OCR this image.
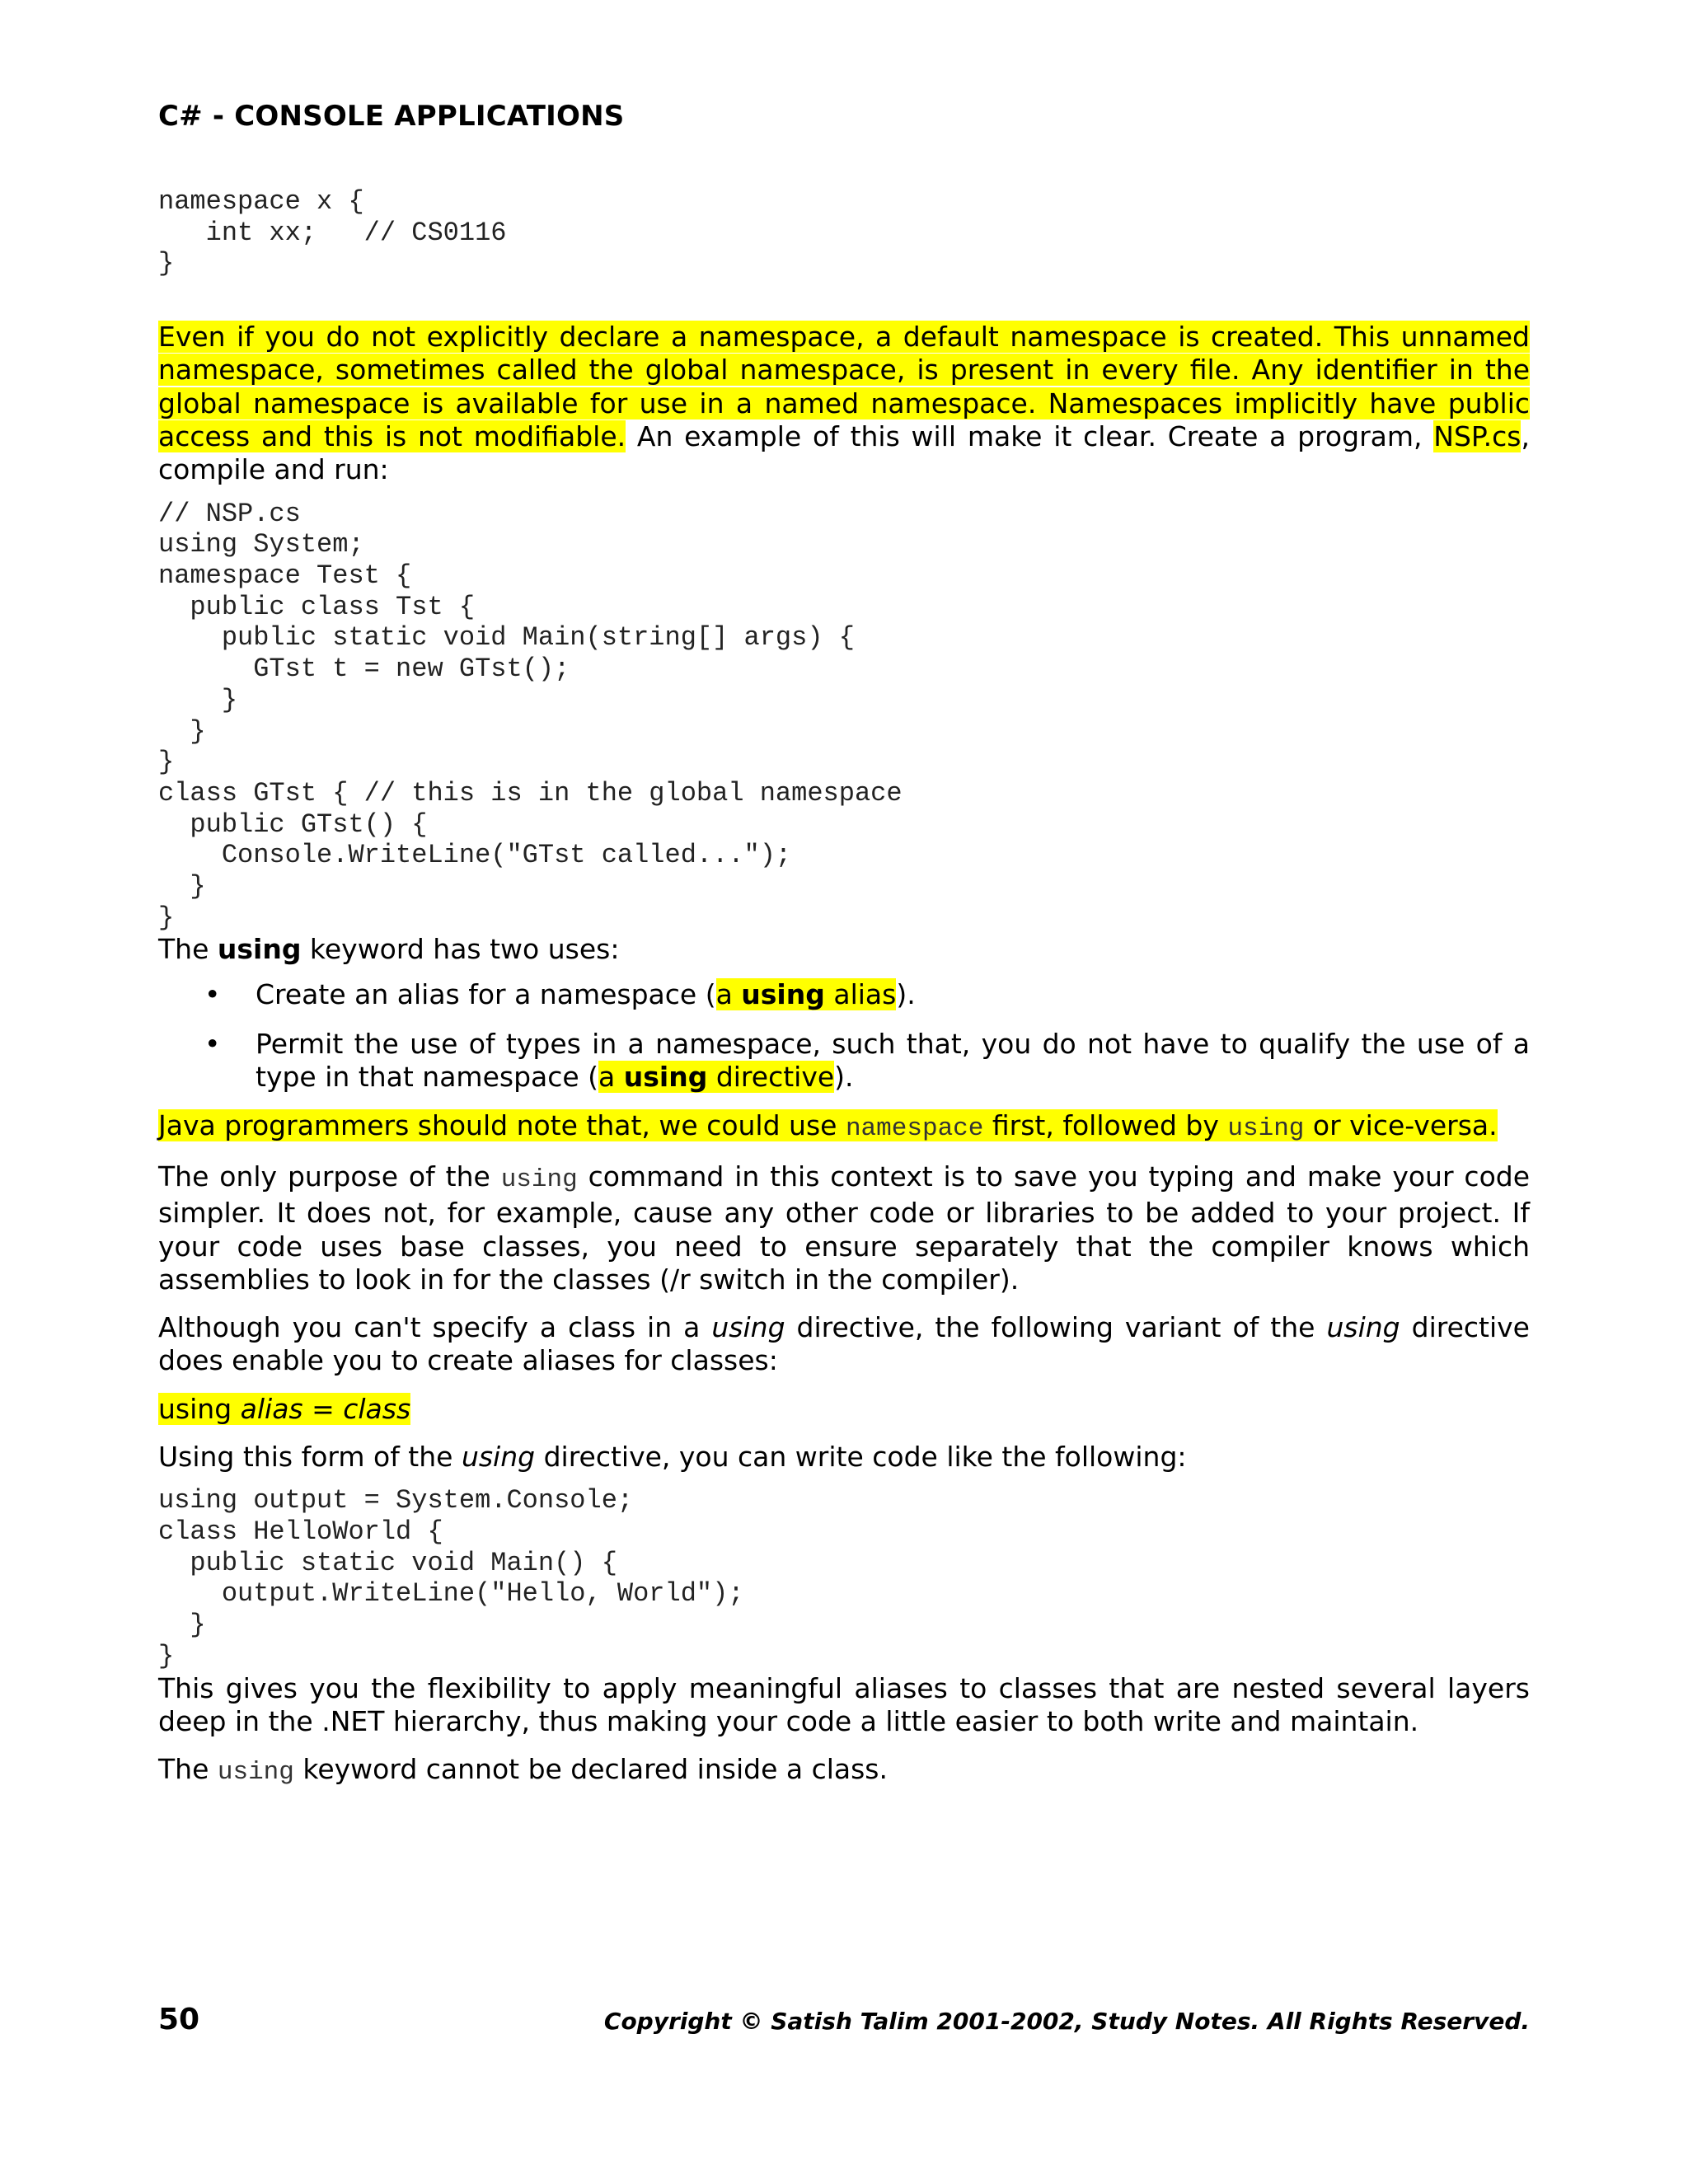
C# - CONSOLE APPLICATIONS
namespace x {
int xx;   // CS0116
}

Even if you do not explicitly declare a namespace, a default namespace is created. This unnamed namespace, sometimes called the global namespace, is present in every file. Any identifier in the global namespace is available for use in a named namespace. Namespaces implicitly have public access and this is not modifiable. An example of this will make it clear. Create a program, NSP.cs, compile and run:

// NSP.cs
using System;
namespace Test {
public class Tst {
public static void Main(string[] args) {
GTst t = new GTst();
}
}
}
class GTst { // this is in the global namespace
public GTst() {
Console.WriteLine("GTst called...");
}
}

The using keyword has two uses:

• Create an alias for a namespace (a using alias).
• Permit the use of types in a namespace, such that, you do not have to qualify the use of a type in that namespace (a using directive).

Java programmers should note that, we could use namespace first, followed by using or vice-versa.

The only purpose of the using command in this context is to save you typing and make your code simpler. It does not, for example, cause any other code or libraries to be added to your project. If your code uses base classes, you need to ensure separately that the compiler knows which assemblies to look in for the classes (/r switch in the compiler).

Although you can't specify a class in a using directive, the following variant of the using directive does enable you to create aliases for classes:

using alias = class

Using this form of the using directive, you can write code like the following:

using output = System.Console;
class HelloWorld {
public static void Main() {
output.WriteLine("Hello, World");
}
}

This gives you the flexibility to apply meaningful aliases to classes that are nested several layers deep in the .NET hierarchy, thus making your code a little easier to both write and maintain.

The using keyword cannot be declared inside a class.

50	Copyright © Satish Talim 2001-2002, Study Notes. All Rights Reserved.
